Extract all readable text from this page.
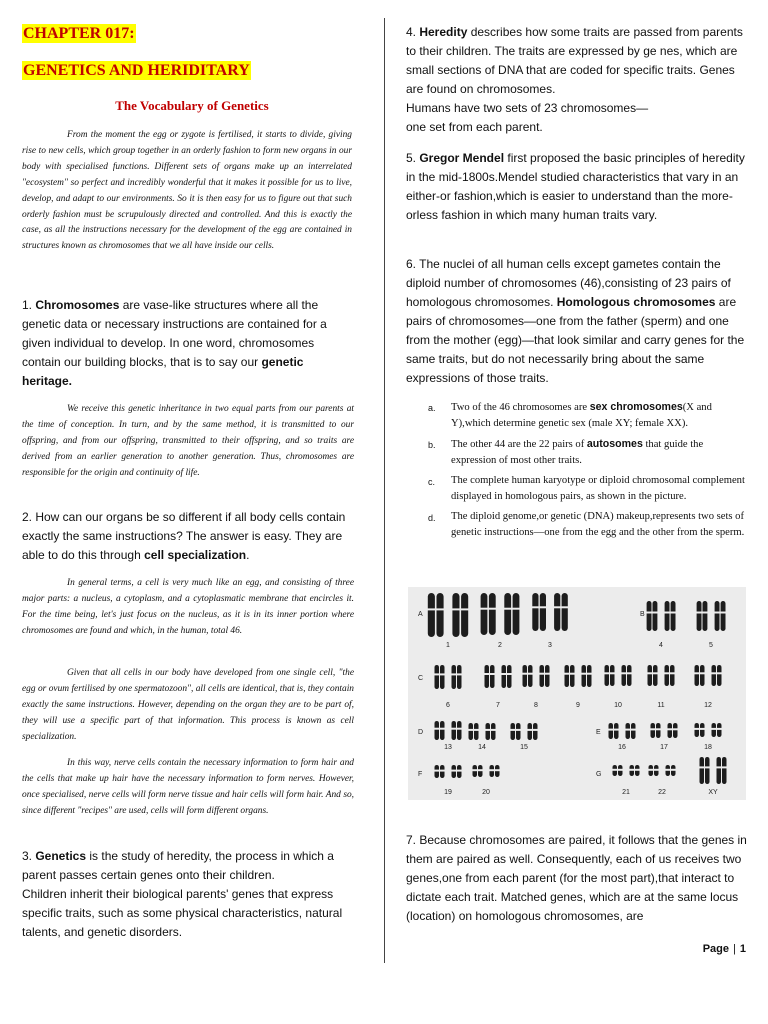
CHAPTER 017:
GENETICS AND HERIDITARY
The Vocabulary of Genetics

From the moment the egg or zygote is fertilised, it starts to divide, giving rise to new cells, which group together in an orderly fashion to form new organs in our body with specialised functions. Different sets of organs make up an interrelated "ecosystem" so perfect and incredibly wonderful that it makes it possible for us to live, develop, and adapt to our environments. So it is then easy for us to figure out that such orderly fashion must be scrupulously directed and controlled. And this is exactly the case, as all the instructions necessary for the development of the egg are contained in structures known as chromosomes that we all have inside our cells.

1. Chromosomes are vase-like structures where all the genetic data or necessary instructions are contained for a given individual to develop. In one word, chromosomes contain our building blocks, that is to say our genetic heritage.

We receive this genetic inheritance in two equal parts from our parents at the time of conception. In turn, and by the same method, it is transmitted to our offspring, and from our offspring, transmitted to their offspring, and so traits are derived from an earlier generation to another generation. Thus, chromosomes are responsible for the origin and continuity of life.

2. How can our organs be so different if all body cells contain exactly the same instructions? The answer is easy. They are able to do this through cell specialization.

In general terms, a cell is very much like an egg, and consisting of three major parts: a nucleus, a cytoplasm, and a cytoplasmatic membrane that encircles it. For the time being, let's just focus on the nucleus, as it is in its inner portion where chromosomes are found and which, in the human, total 46.

Given that all cells in our body have developed from one single cell, "the egg or ovum fertilised by one spermatozoon", all cells are identical, that is, they contain exactly the same instructions. However, depending on the organ they are to be part of, they will use a specific part of that information. This process is known as cell specialization.

In this way, nerve cells contain the necessary information to form hair and the cells that make up hair have the necessary information to form nerves. However, once specialised, nerve cells will form nerve tissue and hair cells will form hair. And so, since different "recipes" are used, cells will form different organs.

3. Genetics is the study of heredity, the process in which a parent passes certain genes onto their children.
Children inherit their biological parents' genes that express specific traits, such as some physical characteristics, natural talents, and genetic disorders.
4. Heredity describes how some traits are passed from parents to their children. The traits are expressed by ge nes, which are small sections of DNA that are coded for specific traits. Genes are found on chromosomes.
Humans have two sets of 23 chromosomes—
one set from each parent.

5. Gregor Mendel first proposed the basic principles of heredity in the mid-1800s.Mendel studied characteristics that vary in an either-or fashion,which is easier to understand than the more-orless fashion in which many human traits vary.

6. The nuclei of all human cells except gametes contain the diploid number of chromosomes (46),consisting of 23 pairs of homologous chromosomes. Homologous chromosomes are pairs of chromosomes—one from the father (sperm) and one from the mother (egg)—that look similar and carry genes for the same traits, but do not necessarily bring about the same expressions of those traits.

a. Two of the 46 chromosomes are sex chromosomes(X and Y),which determine genetic sex (male XY; female XX).

b. The other 44 are the 22 pairs of autosomes that guide the expression of most other traits.

c. The complete human karyotype or diploid chromosomal complement displayed in homologous pairs, as shown in the picture.

d. The diploid genome,or genetic (DNA) makeup,represents two sets of genetic instructions—one from the egg and the other from the sperm.

A	B
C
D	E
F	G
1	2	3	4	5
6	7	8	9	10	11	12
13	14	15	16	17	18
19	20	21	22	XY

7. Because chromosomes are paired, it follows that the genes in them are paired as well. Consequently, each of us receives two genes,one from each parent (for the most part),that interact to dictate each trait. Matched genes, which are at the same locus (location) on homologous chromosomes, are

Page | 1
